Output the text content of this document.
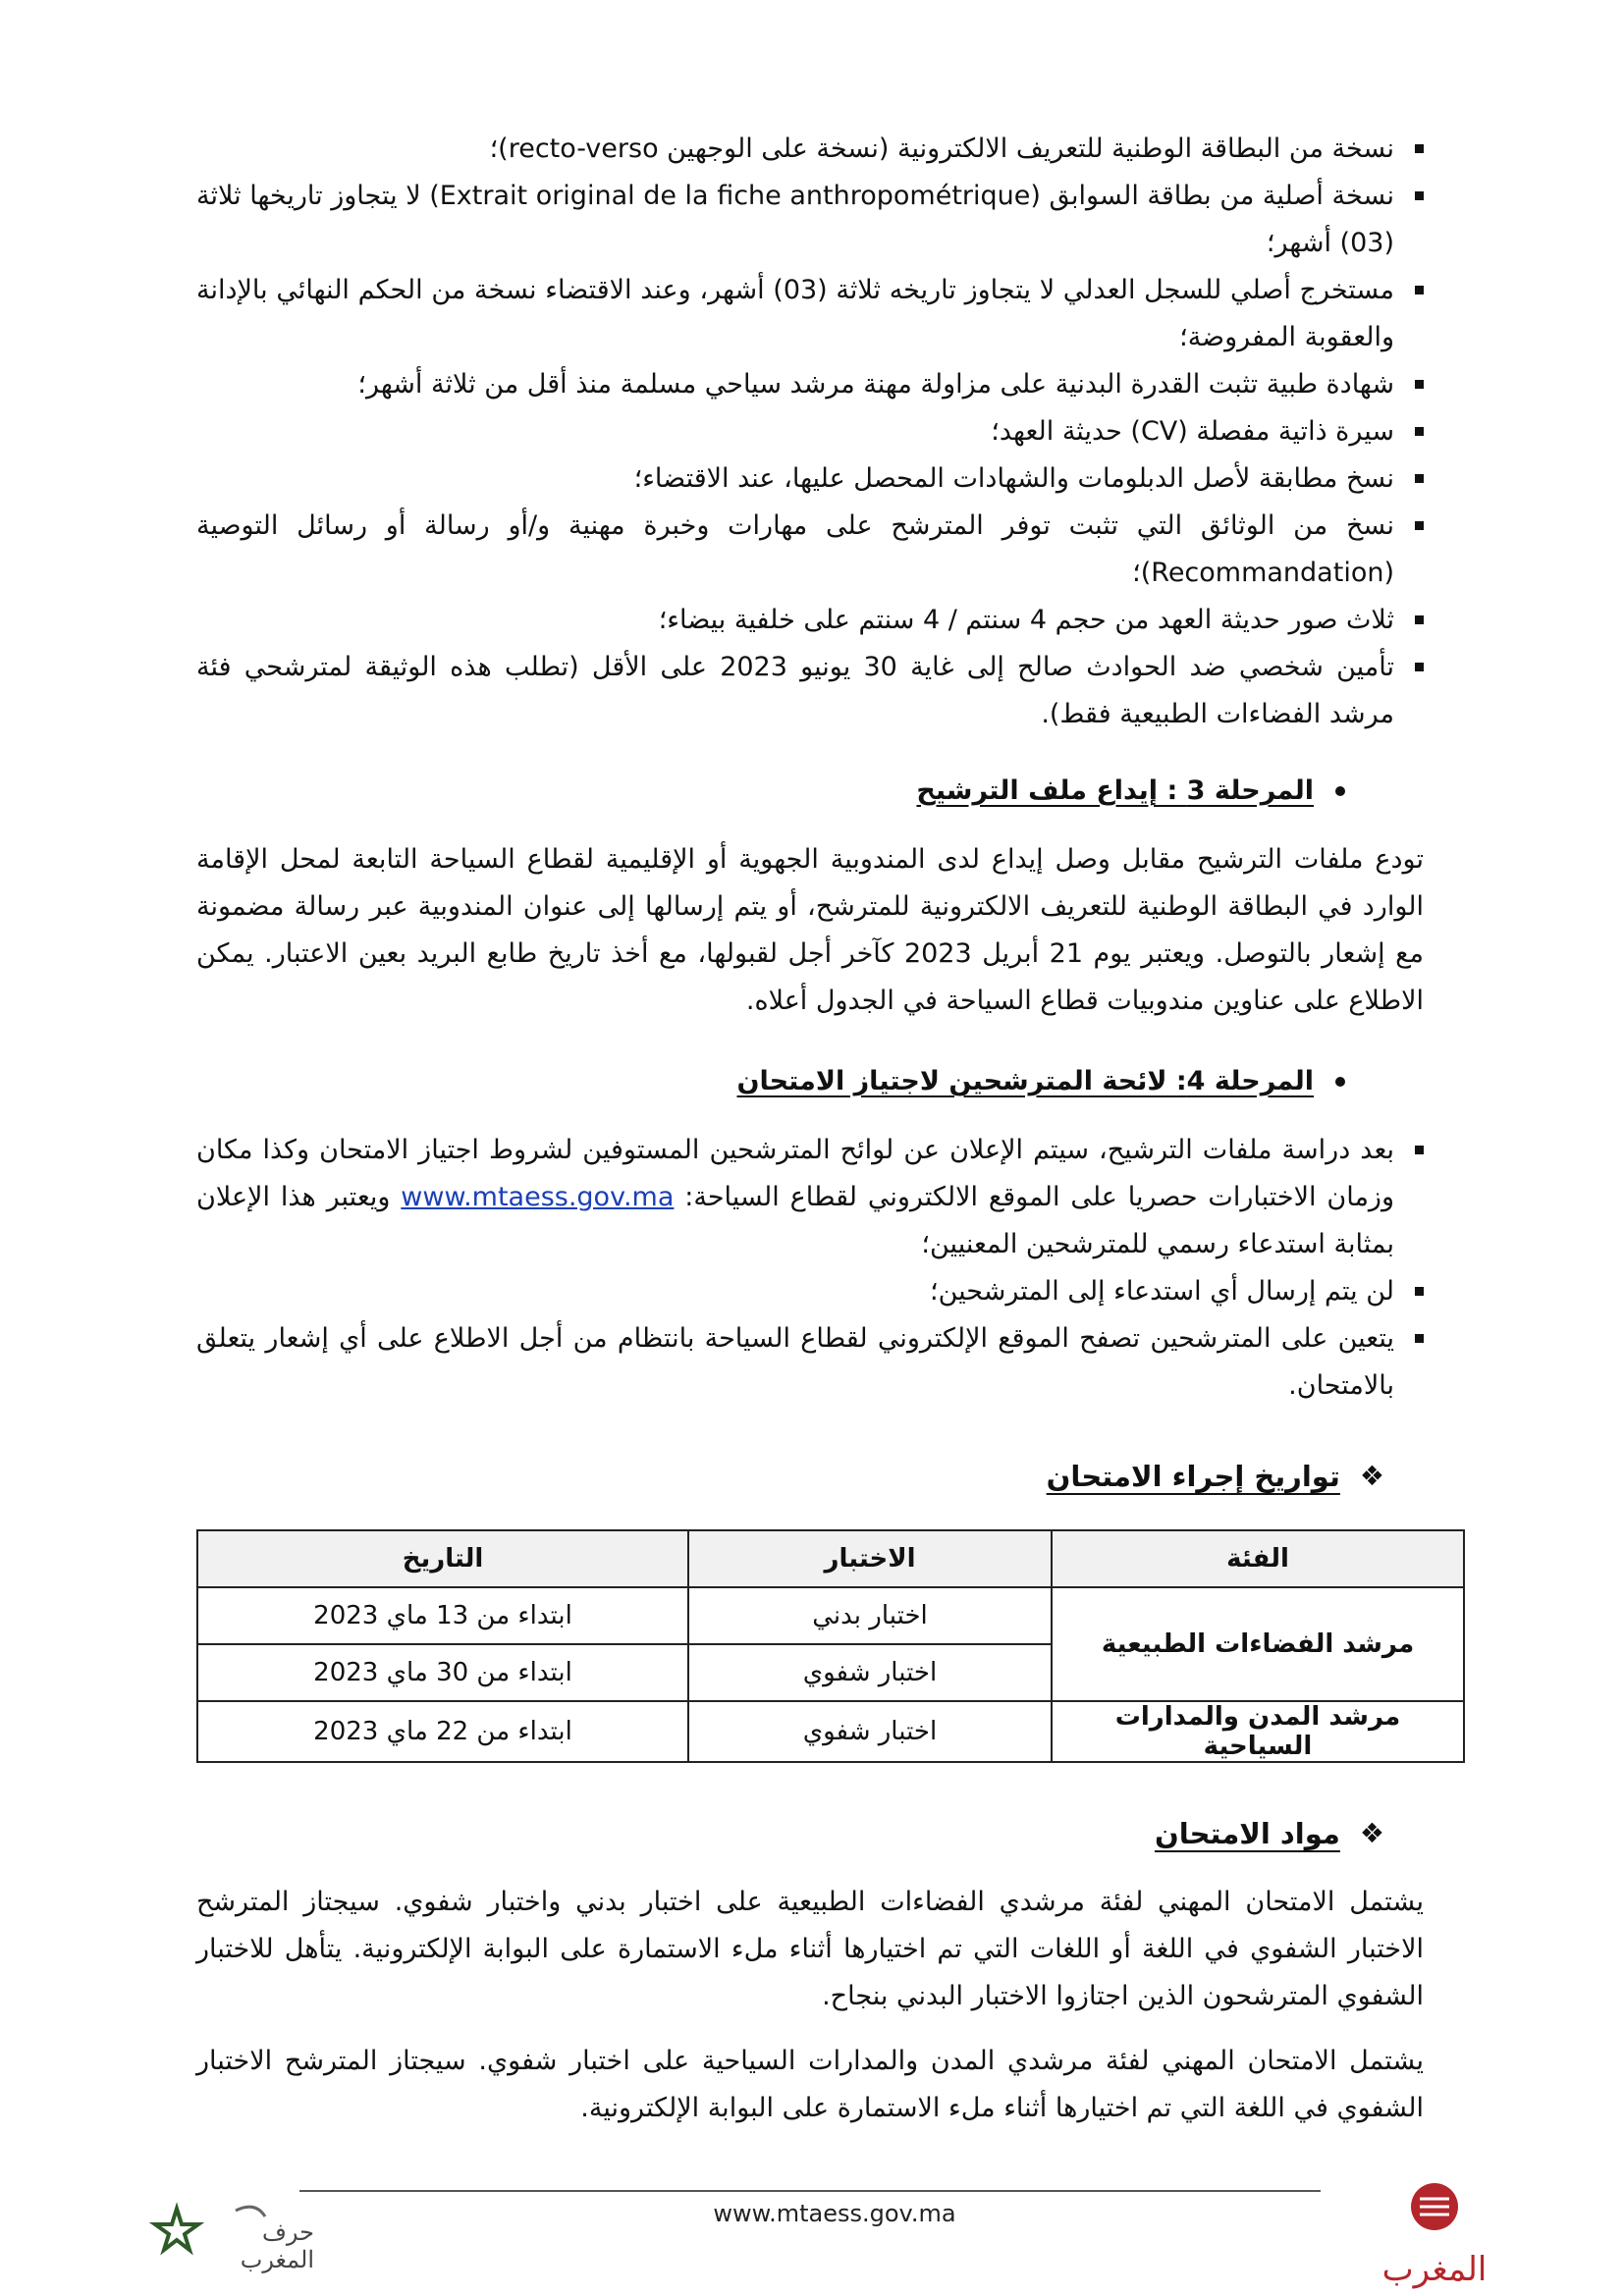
نسخة من البطاقة الوطنية للتعريف الالكترونية (نسخة على الوجهين recto-verso)؛
نسخة أصلية من بطاقة السوابق (Extrait original de la fiche anthropométrique) لا يتجاوز تاريخها ثلاثة (03) أشهر؛
مستخرج أصلي للسجل العدلي لا يتجاوز تاريخه ثلاثة (03) أشهر، وعند الاقتضاء نسخة من الحكم النهائي بالإدانة والعقوبة المفروضة؛
شهادة طبية تثبت القدرة البدنية على مزاولة مهنة مرشد سياحي مسلمة منذ أقل من ثلاثة أشهر؛
سيرة ذاتية مفصلة (CV) حديثة العهد؛
نسخ مطابقة لأصل الدبلومات والشهادات المحصل عليها، عند الاقتضاء؛
نسخ من الوثائق التي تثبت توفر المترشح على مهارات وخبرة مهنية و/أو رسالة أو رسائل التوصية (Recommandation)؛
ثلاث صور حديثة العهد من حجم 4 سنتم / 4 سنتم على خلفية بيضاء؛
تأمين شخصي ضد الحوادث صالح إلى غاية 30 يونيو 2023 على الأقل (تطلب هذه الوثيقة لمترشحي فئة مرشد الفضاءات الطبيعية فقط).
المرحلة 3 : إيداع ملف الترشيح

تودع ملفات الترشيح مقابل وصل إيداع لدى المندوبية الجهوية أو الإقليمية لقطاع السياحة التابعة لمحل الإقامة الوارد في البطاقة الوطنية للتعريف الالكترونية للمترشح، أو يتم إرسالها إلى عنوان المندوبية عبر رسالة مضمونة مع إشعار بالتوصل. ويعتبر يوم 21 أبريل 2023 كآخر أجل لقبولها، مع أخذ تاريخ طابع البريد بعين الاعتبار. يمكن الاطلاع على عناوين مندوبيات قطاع السياحة في الجدول أعلاه.

المرحلة 4: لائحة المترشحين لاجتياز الامتحان
بعد دراسة ملفات الترشيح، سيتم الإعلان عن لوائح المترشحين المستوفين لشروط اجتياز الامتحان وكذا مكان وزمان الاختبارات حصريا على الموقع الالكتروني لقطاع السياحة: www.mtaess.gov.ma ويعتبر هذا الإعلان بمثابة استدعاء رسمي للمترشحين المعنيين؛
لن يتم إرسال أي استدعاء إلى المترشحين؛
يتعين على المترشحين تصفح الموقع الإلكتروني لقطاع السياحة بانتظام من أجل الاطلاع على أي إشعار يتعلق بالامتحان.
❖
تواريخ إجراء الامتحان
الفئة	الاختبار	التاريخ
مرشد الفضاءات الطبيعية	اختبار بدني	ابتداء من 13 ماي 2023
	اختبار شفوي	ابتداء من 30 ماي 2023
مرشد المدن والمدارات السياحية	اختبار شفوي	ابتداء من 22 ماي 2023
❖
مواد الامتحان

يشتمل الامتحان المهني لفئة مرشدي الفضاءات الطبيعية على اختبار بدني واختبار شفوي. سيجتاز المترشح الاختبار الشفوي في اللغة أو اللغات التي تم اختيارها أثناء ملء الاستمارة على البوابة الإلكترونية. يتأهل للاختبار الشفوي المترشحون الذين اجتازوا الاختبار البدني بنجاح.

يشتمل الامتحان المهني لفئة مرشدي المدن والمدارات السياحية على اختبار شفوي. سيجتاز المترشح الاختبار الشفوي في اللغة التي تم اختيارها أثناء ملء الاستمارة على البوابة الإلكترونية.

www.mtaess.gov.ma
حرف المغرب	المغرب
